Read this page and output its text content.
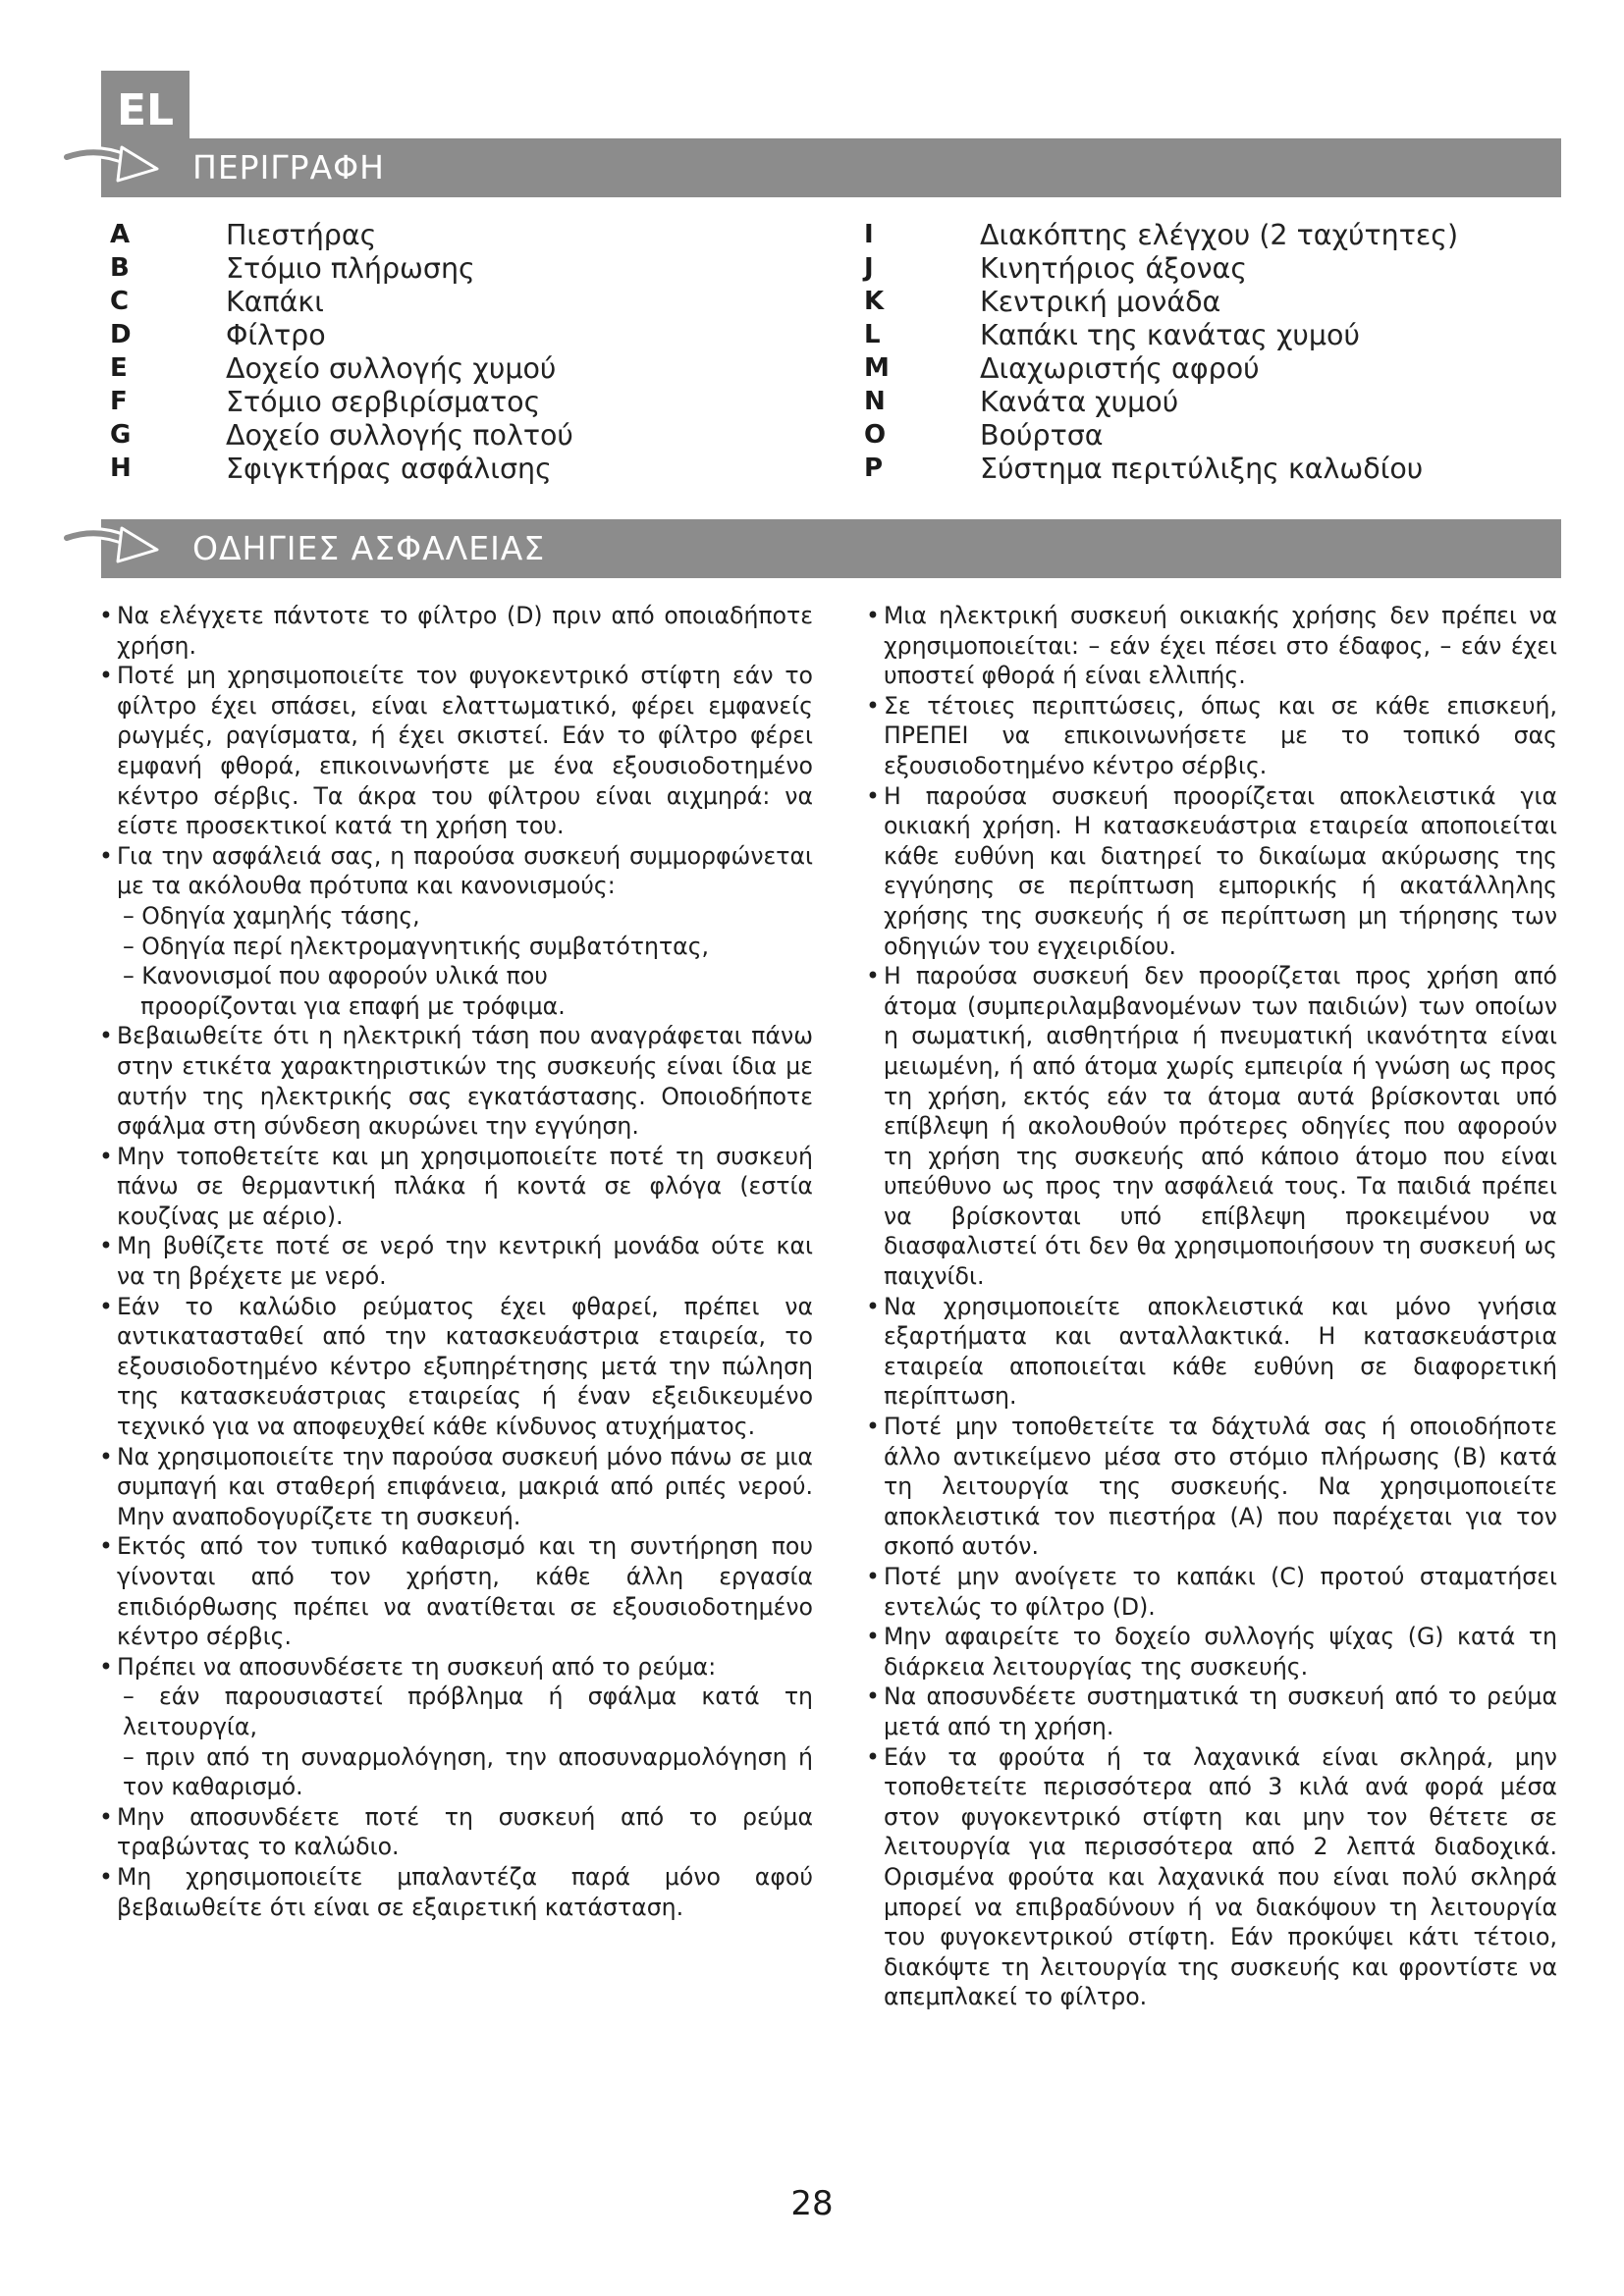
EL
ΠΕΡΙΓΡΑΦΗ
A	Πιεστήρας
B	Στόμιο πλήρωσης
C	Καπάκι
D	Φίλτρο
E	Δοχείο συλλογής χυμού
F	Στόμιο σερβιρίσματος
G	Δοχείο συλλογής πολτού
H	Σφιγκτήρας ασφάλισης
I	Διακόπτης ελέγχου (2 ταχύτητες)
J	Κινητήριος άξονας
K	Κεντρική μονάδα
L	Καπάκι της κανάτας χυμού
M	Διαχωριστής αφρού
N	Κανάτα χυμού
O	Βούρτσα
P	Σύστημα περιτύλιξης καλωδίου
ΟΔΗΓΙΕΣ ΑΣΦΑΛΕΙΑΣ
• Να ελέγχετε πάντοτε το φίλτρο (D) πριν από οποιαδήποτε χρήση.
• Ποτέ μη χρησιμοποιείτε τον φυγοκεντρικό στίφτη εάν το φίλτρο έχει σπάσει, είναι ελαττωματικό, φέρει εμφανείς ρωγμές, ραγίσματα, ή έχει σκιστεί. Εάν το φίλτρο φέρει εμφανή φθορά, επικοινωνήστε με ένα εξουσιοδοτημένο κέντρο σέρβις. Τα άκρα του φίλτρου είναι αιχμηρά: να είστε προσεκτικοί κατά τη χρήση του.
• Για την ασφάλειά σας, η παρούσα συσκευή συμμορφώνεται με τα ακόλουθα πρότυπα και κανονισμούς:
– Οδηγία χαμηλής τάσης,
– Οδηγία περί ηλεκτρομαγνητικής συμβατότητας,
– Κανονισμοί που αφορούν υλικά που
προορίζονται για επαφή με τρόφιμα.
• Βεβαιωθείτε ότι η ηλεκτρική τάση που αναγράφεται πάνω στην ετικέτα χαρακτηριστικών της συσκευής είναι ίδια με αυτήν της ηλεκτρικής σας εγκατάστασης. Οποιοδήποτε σφάλμα στη σύνδεση ακυρώνει την εγγύηση.
• Μην τοποθετείτε και μη χρησιμοποιείτε ποτέ τη συσκευή πάνω σε θερμαντική πλάκα ή κοντά σε φλόγα (εστία κουζίνας με αέριο).
• Μη βυθίζετε ποτέ σε νερό την κεντρική μονάδα ούτε και να τη βρέχετε με νερό.
• Εάν το καλώδιο ρεύματος έχει φθαρεί, πρέπει να αντικατασταθεί από την κατασκευάστρια εταιρεία, το εξουσιοδοτημένο κέντρο εξυπηρέτησης μετά την πώληση της κατασκευάστριας εταιρείας ή έναν εξειδικευμένο τεχνικό για να αποφευχθεί κάθε κίνδυνος ατυχήματος.
• Να χρησιμοποιείτε την παρούσα συσκευή μόνο πάνω σε μια συμπαγή και σταθερή επιφάνεια, μακριά από ριπές νερού. Μην αναποδογυρίζετε τη συσκευή.
• Εκτός από τον τυπικό καθαρισμό και τη συντήρηση που γίνονται από τον χρήστη, κάθε άλλη εργασία επιδιόρθωσης πρέπει να ανατίθεται σε εξουσιοδοτημένο κέντρο σέρβις.
• Πρέπει να αποσυνδέσετε τη συσκευή από το ρεύμα:
– εάν παρουσιαστεί πρόβλημα ή σφάλμα κατά τη λειτουργία,
– πριν από τη συναρμολόγηση, την αποσυναρμολόγηση ή τον καθαρισμό.
• Μην αποσυνδέετε ποτέ τη συσκευή από το ρεύμα τραβώντας το καλώδιο.
• Μη χρησιμοποιείτε μπαλαντέζα παρά μόνο αφού βεβαιωθείτε ότι είναι σε εξαιρετική κατάσταση.
• Μια ηλεκτρική συσκευή οικιακής χρήσης δεν πρέπει να χρησιμοποιείται: – εάν έχει πέσει στο έδαφος, – εάν έχει υποστεί φθορά ή είναι ελλιπής.
• Σε τέτοιες περιπτώσεις, όπως και σε κάθε επισκευή, ΠΡΕΠΕΙ να επικοινωνήσετε με το τοπικό σας εξουσιοδοτημένο κέντρο σέρβις.
• Η παρούσα συσκευή προορίζεται αποκλειστικά για οικιακή χρήση. Η κατασκευάστρια εταιρεία αποποιείται κάθε ευθύνη και διατηρεί το δικαίωμα ακύρωσης της εγγύησης σε περίπτωση εμπορικής ή ακατάλληλης χρήσης της συσκευής ή σε περίπτωση μη τήρησης των οδηγιών του εγχειριδίου.
• Η παρούσα συσκευή δεν προορίζεται προς χρήση από άτομα (συμπεριλαμβανομένων των παιδιών) των οποίων η σωματική, αισθητήρια ή πνευματική ικανότητα είναι μειωμένη, ή από άτομα χωρίς εμπειρία ή γνώση ως προς τη χρήση, εκτός εάν τα άτομα αυτά βρίσκονται υπό επίβλεψη ή ακολουθούν πρότερες οδηγίες που αφορούν τη χρήση της συσκευής από κάποιο άτομο που είναι υπεύθυνο ως προς την ασφάλειά τους. Τα παιδιά πρέπει να βρίσκονται υπό επίβλεψη προκειμένου να διασφαλιστεί ότι δεν θα χρησιμοποιήσουν τη συσκευή ως παιχνίδι.
• Να χρησιμοποιείτε αποκλειστικά και μόνο γνήσια εξαρτήματα και ανταλλακτικά. Η κατασκευάστρια εταιρεία αποποιείται κάθε ευθύνη σε διαφορετική περίπτωση.
• Ποτέ μην τοποθετείτε τα δάχτυλά σας ή οποιοδήποτε άλλο αντικείμενο μέσα στο στόμιο πλήρωσης (B) κατά τη λειτουργία της συσκευής. Να χρησιμοποιείτε αποκλειστικά τον πιεστήρα (A) που παρέχεται για τον σκοπό αυτόν.
• Ποτέ μην ανοίγετε το καπάκι (C) προτού σταματήσει εντελώς το φίλτρο (D).
• Μην αφαιρείτε το δοχείο συλλογής ψίχας (G) κατά τη διάρκεια λειτουργίας της συσκευής.
• Να αποσυνδέετε συστηματικά τη συσκευή από το ρεύμα μετά από τη χρήση.
• Εάν τα φρούτα ή τα λαχανικά είναι σκληρά, μην τοποθετείτε περισσότερα από 3 κιλά ανά φορά μέσα στον φυγοκεντρικό στίφτη και μην τον θέτετε σε λειτουργία για περισσότερα από 2 λεπτά διαδοχικά. Ορισμένα φρούτα και λαχανικά που είναι πολύ σκληρά μπορεί να επιβραδύνουν ή να διακόψουν τη λειτουργία του φυγοκεντρικού στίφτη. Εάν προκύψει κάτι τέτοιο, διακόψτε τη λειτουργία της συσκευής και φροντίστε να απεμπλακεί το φίλτρο.
28
